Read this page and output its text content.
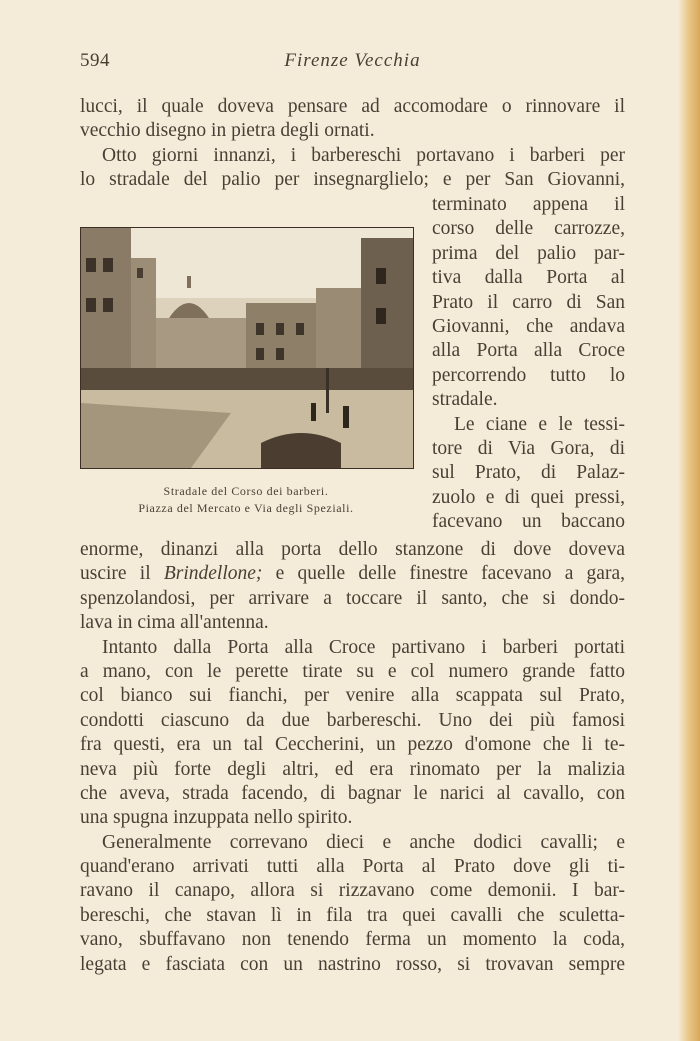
594	Firenze Vecchia
lucci, il quale doveva pensare ad accomodare o rinnovare il
vecchio disegno in pietra degli ornati.
Otto giorni innanzi, i barbereschi portavano i barberi per
lo stradale del palio per insegnarglielo; e per San Giovanni,
Stradale del Corso dei barberi.
Piazza del Mercato e Via degli Speziali.
terminato appena il
corso delle carrozze,
prima del palio par-
tiva dalla Porta al
Prato il carro di San
Giovanni, che andava
alla Porta alla Croce
percorrendo tutto lo
stradale.
Le ciane e le tessi-
tore di Via Gora, di
sul Prato, di Palaz-
zuolo e di quei pressi,
facevano un baccano
enorme, dinanzi alla porta dello stanzone di dove doveva
uscire il Brindellone; e quelle delle finestre facevano a gara,
spenzolandosi, per arrivare a toccare il santo, che si dondo-
lava in cima all'antenna.
Intanto dalla Porta alla Croce partivano i barberi portati
a mano, con le perette tirate su e col numero grande fatto
col bianco sui fianchi, per venire alla scappata sul Prato,
condotti ciascuno da due barbereschi. Uno dei più famosi
fra questi, era un tal Ceccherini, un pezzo d'omone che li te-
neva più forte degli altri, ed era rinomato per la malizia
che aveva, strada facendo, di bagnar le narici al cavallo, con
una spugna inzuppata nello spirito.
Generalmente correvano dieci e anche dodici cavalli; e
quand'erano arrivati tutti alla Porta al Prato dove gli ti-
ravano il canapo, allora si rizzavano come demonii. I bar-
bereschi, che stavan lì in fila tra quei cavalli che sculetta-
vano, sbuffavano non tenendo ferma un momento la coda,
legata e fasciata con un nastrino rosso, si trovavan sempre
